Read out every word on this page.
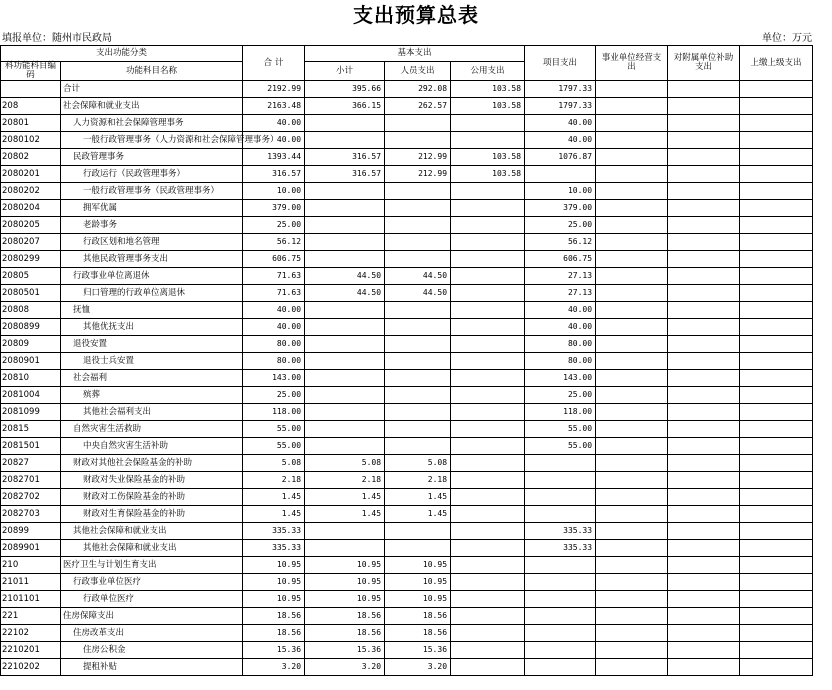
支出预算总表
填报单位：随州市民政局	单位：万元
支出功能分类		合 计	基本支出			项目支出	事业单位经营支出	对附属单位补助支出	上缴上级支出
科功能科目编码	功能科目名称		小计	人员支出	公用支出				
	合计	2192.99	395.66	292.08	103.58	1797.33			
208	社会保障和就业支出	2163.48	366.15	262.57	103.58	1797.33			
20801	人力资源和社会保障管理事务	40.00				40.00			
2080102	一般行政管理事务（人力资源和社会保障管理事务）	40.00				40.00			
20802	民政管理事务	1393.44	316.57	212.99	103.58	1076.87			
2080201	行政运行（民政管理事务）	316.57	316.57	212.99	103.58				
2080202	一般行政管理事务（民政管理事务）	10.00				10.00			
2080204	拥军优属	379.00				379.00			
2080205	老龄事务	25.00				25.00			
2080207	行政区划和地名管理	56.12				56.12			
2080299	其他民政管理事务支出	606.75				606.75			
20805	行政事业单位离退休	71.63	44.50	44.50		27.13			
2080501	归口管理的行政单位离退休	71.63	44.50	44.50		27.13			
20808	抚恤	40.00				40.00			
2080899	其他优抚支出	40.00				40.00			
20809	退役安置	80.00				80.00			
2080901	退役士兵安置	80.00				80.00			
20810	社会福利	143.00				143.00			
2081004	殡葬	25.00				25.00			
2081099	其他社会福利支出	118.00				118.00			
20815	自然灾害生活救助	55.00				55.00			
2081501	中央自然灾害生活补助	55.00				55.00			
20827	财政对其他社会保险基金的补助	5.08	5.08	5.08					
2082701	财政对失业保险基金的补助	2.18	2.18	2.18					
2082702	财政对工伤保险基金的补助	1.45	1.45	1.45					
2082703	财政对生育保险基金的补助	1.45	1.45	1.45					
20899	其他社会保障和就业支出	335.33				335.33			
2089901	其他社会保障和就业支出	335.33				335.33			
210	医疗卫生与计划生育支出	10.95	10.95	10.95					
21011	行政事业单位医疗	10.95	10.95	10.95					
2101101	行政单位医疗	10.95	10.95	10.95					
221	住房保障支出	18.56	18.56	18.56					
22102	住房改革支出	18.56	18.56	18.56					
2210201	住房公积金	15.36	15.36	15.36					
2210202	提租补贴	3.20	3.20	3.20					
